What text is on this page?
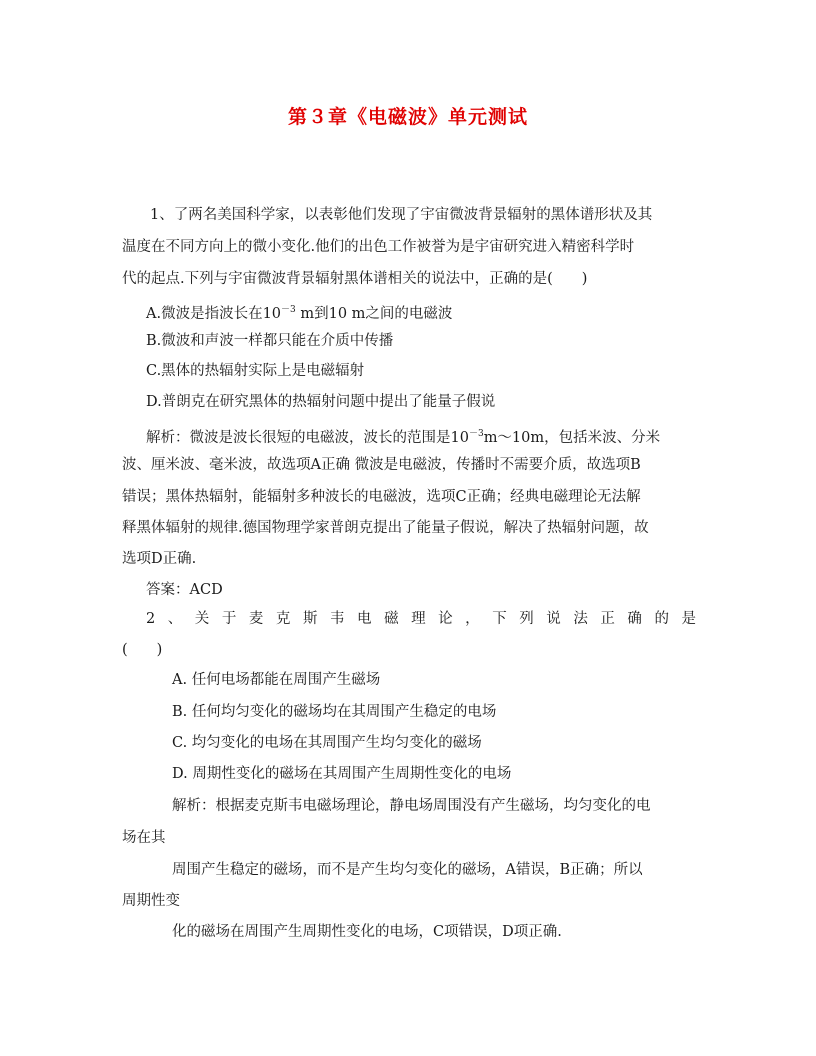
第３章《电磁波》单元测试
1、了两名美国科学家，以表彰他们发现了宇宙微波背景辐射的黑体谱形状及其
温度在不同方向上的微小变化.他们的出色工作被誉为是宇宙研究进入精密科学时
代的起点.下列与宇宙微波背景辐射黑体谱相关的说法中，正确的是(　　)
A.微波是指波长在$10^{-3}$ m到10 m之间的电磁波
B.微波和声波一样都只能在介质中传播
C.黑体的热辐射实际上是电磁辐射
D.普朗克在研究黑体的热辐射问题中提出了能量子假说
解析：微波是波长很短的电磁波，波长的范围是$10^{-3}m\sim 10m$，包括米波、分米
波、厘米波、毫米波，故选项A正确 微波是电磁波，传播时不需要介质，故选项B
错误；黑体热辐射，能辐射多种波长的电磁波，选项C正确；经典电磁理论无法解
释黑体辐射的规律.德国物理学家普朗克提出了能量子假说，解决了热辐射问题，故
选项D正确.
答案：ACD
2、关于麦克斯韦电磁理论，下列说法正确的是
(　　)
A. 任何电场都能在周围产生磁场
B. 任何均匀变化的磁场均在其周围产生稳定的电场
C. 均匀变化的电场在其周围产生均匀变化的磁场
D. 周期性变化的磁场在其周围产生周期性变化的电场
解析：根据麦克斯韦电磁场理论，静电场周围没有产生磁场，均匀变化的电
场在其
周围产生稳定的磁场，而不是产生均匀变化的磁场，A错误，B正确；所以
周期性变
化的磁场在周围产生周期性变化的电场，C项错误，D项正确.
